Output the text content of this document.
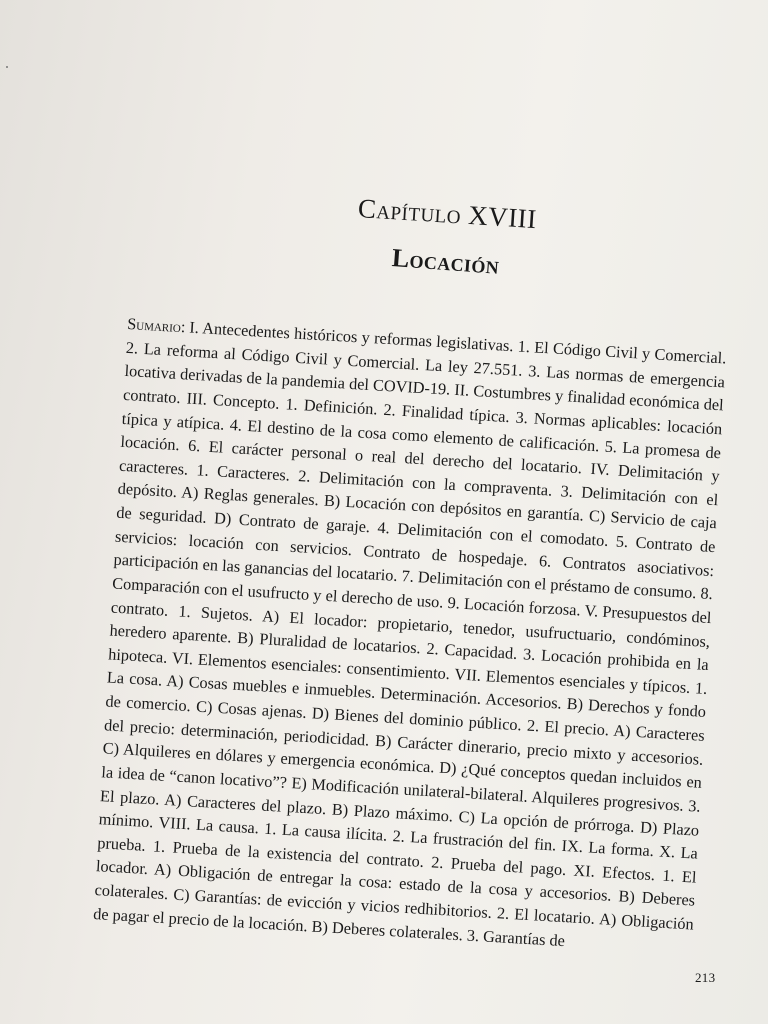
Capítulo XVIII
Locación
Sumario: I. Antecedentes históricos y reformas legislativas. 1. El Código Civil y Comercial. 2. La reforma al Código Civil y Comercial. La ley 27.551. 3. Las normas de emergencia locativa derivadas de la pandemia del COVID-19. II. Costumbres y finalidad económica del contrato. III. Concepto. 1. Definición. 2. Finalidad típica. 3. Normas aplicables: locación típica y atípica. 4. El destino de la cosa como elemento de calificación. 5. La promesa de locación. 6. El carácter personal o real del derecho del locatario. IV. Delimitación y caracteres. 1. Caracteres. 2. Delimitación con la compraventa. 3. Delimitación con el depósito. A) Reglas generales. B) Locación con depósitos en garantía. C) Servicio de caja de seguridad. D) Contrato de garaje. 4. Delimitación con el comodato. 5. Contrato de servicios: locación con servicios. Contrato de hospedaje. 6. Contratos asociativos: participación en las ganancias del locatario. 7. Delimitación con el préstamo de consumo. 8. Comparación con el usufructo y el derecho de uso. 9. Locación forzosa. V. Presupuestos del contrato. 1. Sujetos. A) El locador: propietario, tenedor, usufructuario, condóminos, heredero aparente. B) Pluralidad de locatarios. 2. Capacidad. 3. Locación prohibida en la hipoteca. VI. Elementos esenciales: consentimiento. VII. Elementos esenciales y típicos. 1. La cosa. A) Cosas muebles e inmuebles. Determinación. Accesorios. B) Derechos y fondo de comercio. C) Cosas ajenas. D) Bienes del dominio público. 2. El precio. A) Caracteres del precio: determinación, periodicidad. B) Carácter dinerario, precio mixto y accesorios. C) Alquileres en dólares y emergencia económica. D) ¿Qué conceptos quedan incluidos en la idea de “canon locativo”? E) Modificación unilateral-bilateral. Alquileres progresivos. 3. El plazo. A) Caracteres del plazo. B) Plazo máximo. C) La opción de prórroga. D) Plazo mínimo. VIII. La causa. 1. La causa ilícita. 2. La frustración del fin. IX. La forma. X. La prueba. 1. Prueba de la existencia del contrato. 2. Prueba del pago. XI. Efectos. 1. El locador. A) Obligación de entregar la cosa: estado de la cosa y accesorios. B) Deberes colaterales. C) Garantías: de evicción y vicios redhibitorios. 2. El locatario. A) Obligación de pagar el precio de la locación. B) Deberes colaterales. 3. Garantías de
213
